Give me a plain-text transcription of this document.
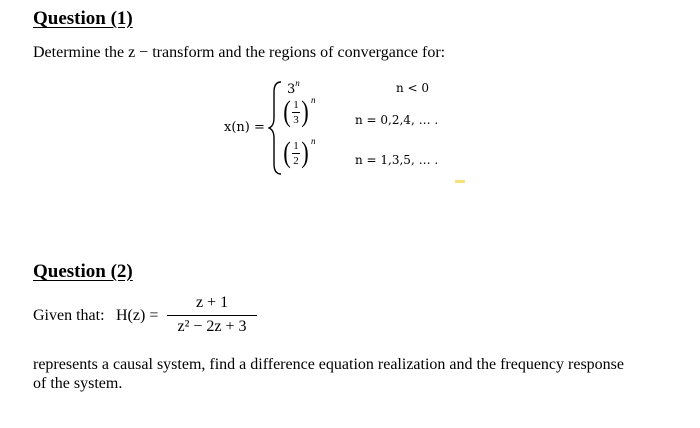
Question (1)
Determine the z − transform and the regions of convergance for:
x(n) =
$3^n$	n < 0
( $\frac{1}{3}$ ) n
n = 0,2,4, … .
( $\frac{1}{2}$ ) n
n = 1,3,5, … .
Question (2)
Given that: H(z) =
z + 1
z² − 2z + 3
represents a causal system, find a difference equation realization and the frequency response
of the system.
